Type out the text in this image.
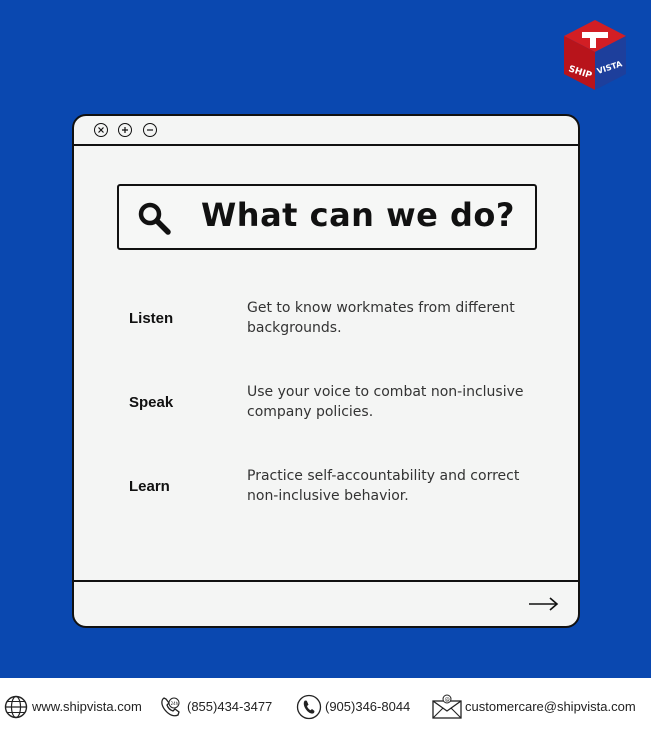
SHIP VISTA
What can we do?
Listen
Get to know workmates from different backgrounds.
Speak
Use your voice to combat non-inclusive company policies.
Learn
Practice self-accountability and correct non-inclusive behavior.
www.shipvista.com	24h (855)434-3477	(905)346-8044	@ customercare@shipvista.com
